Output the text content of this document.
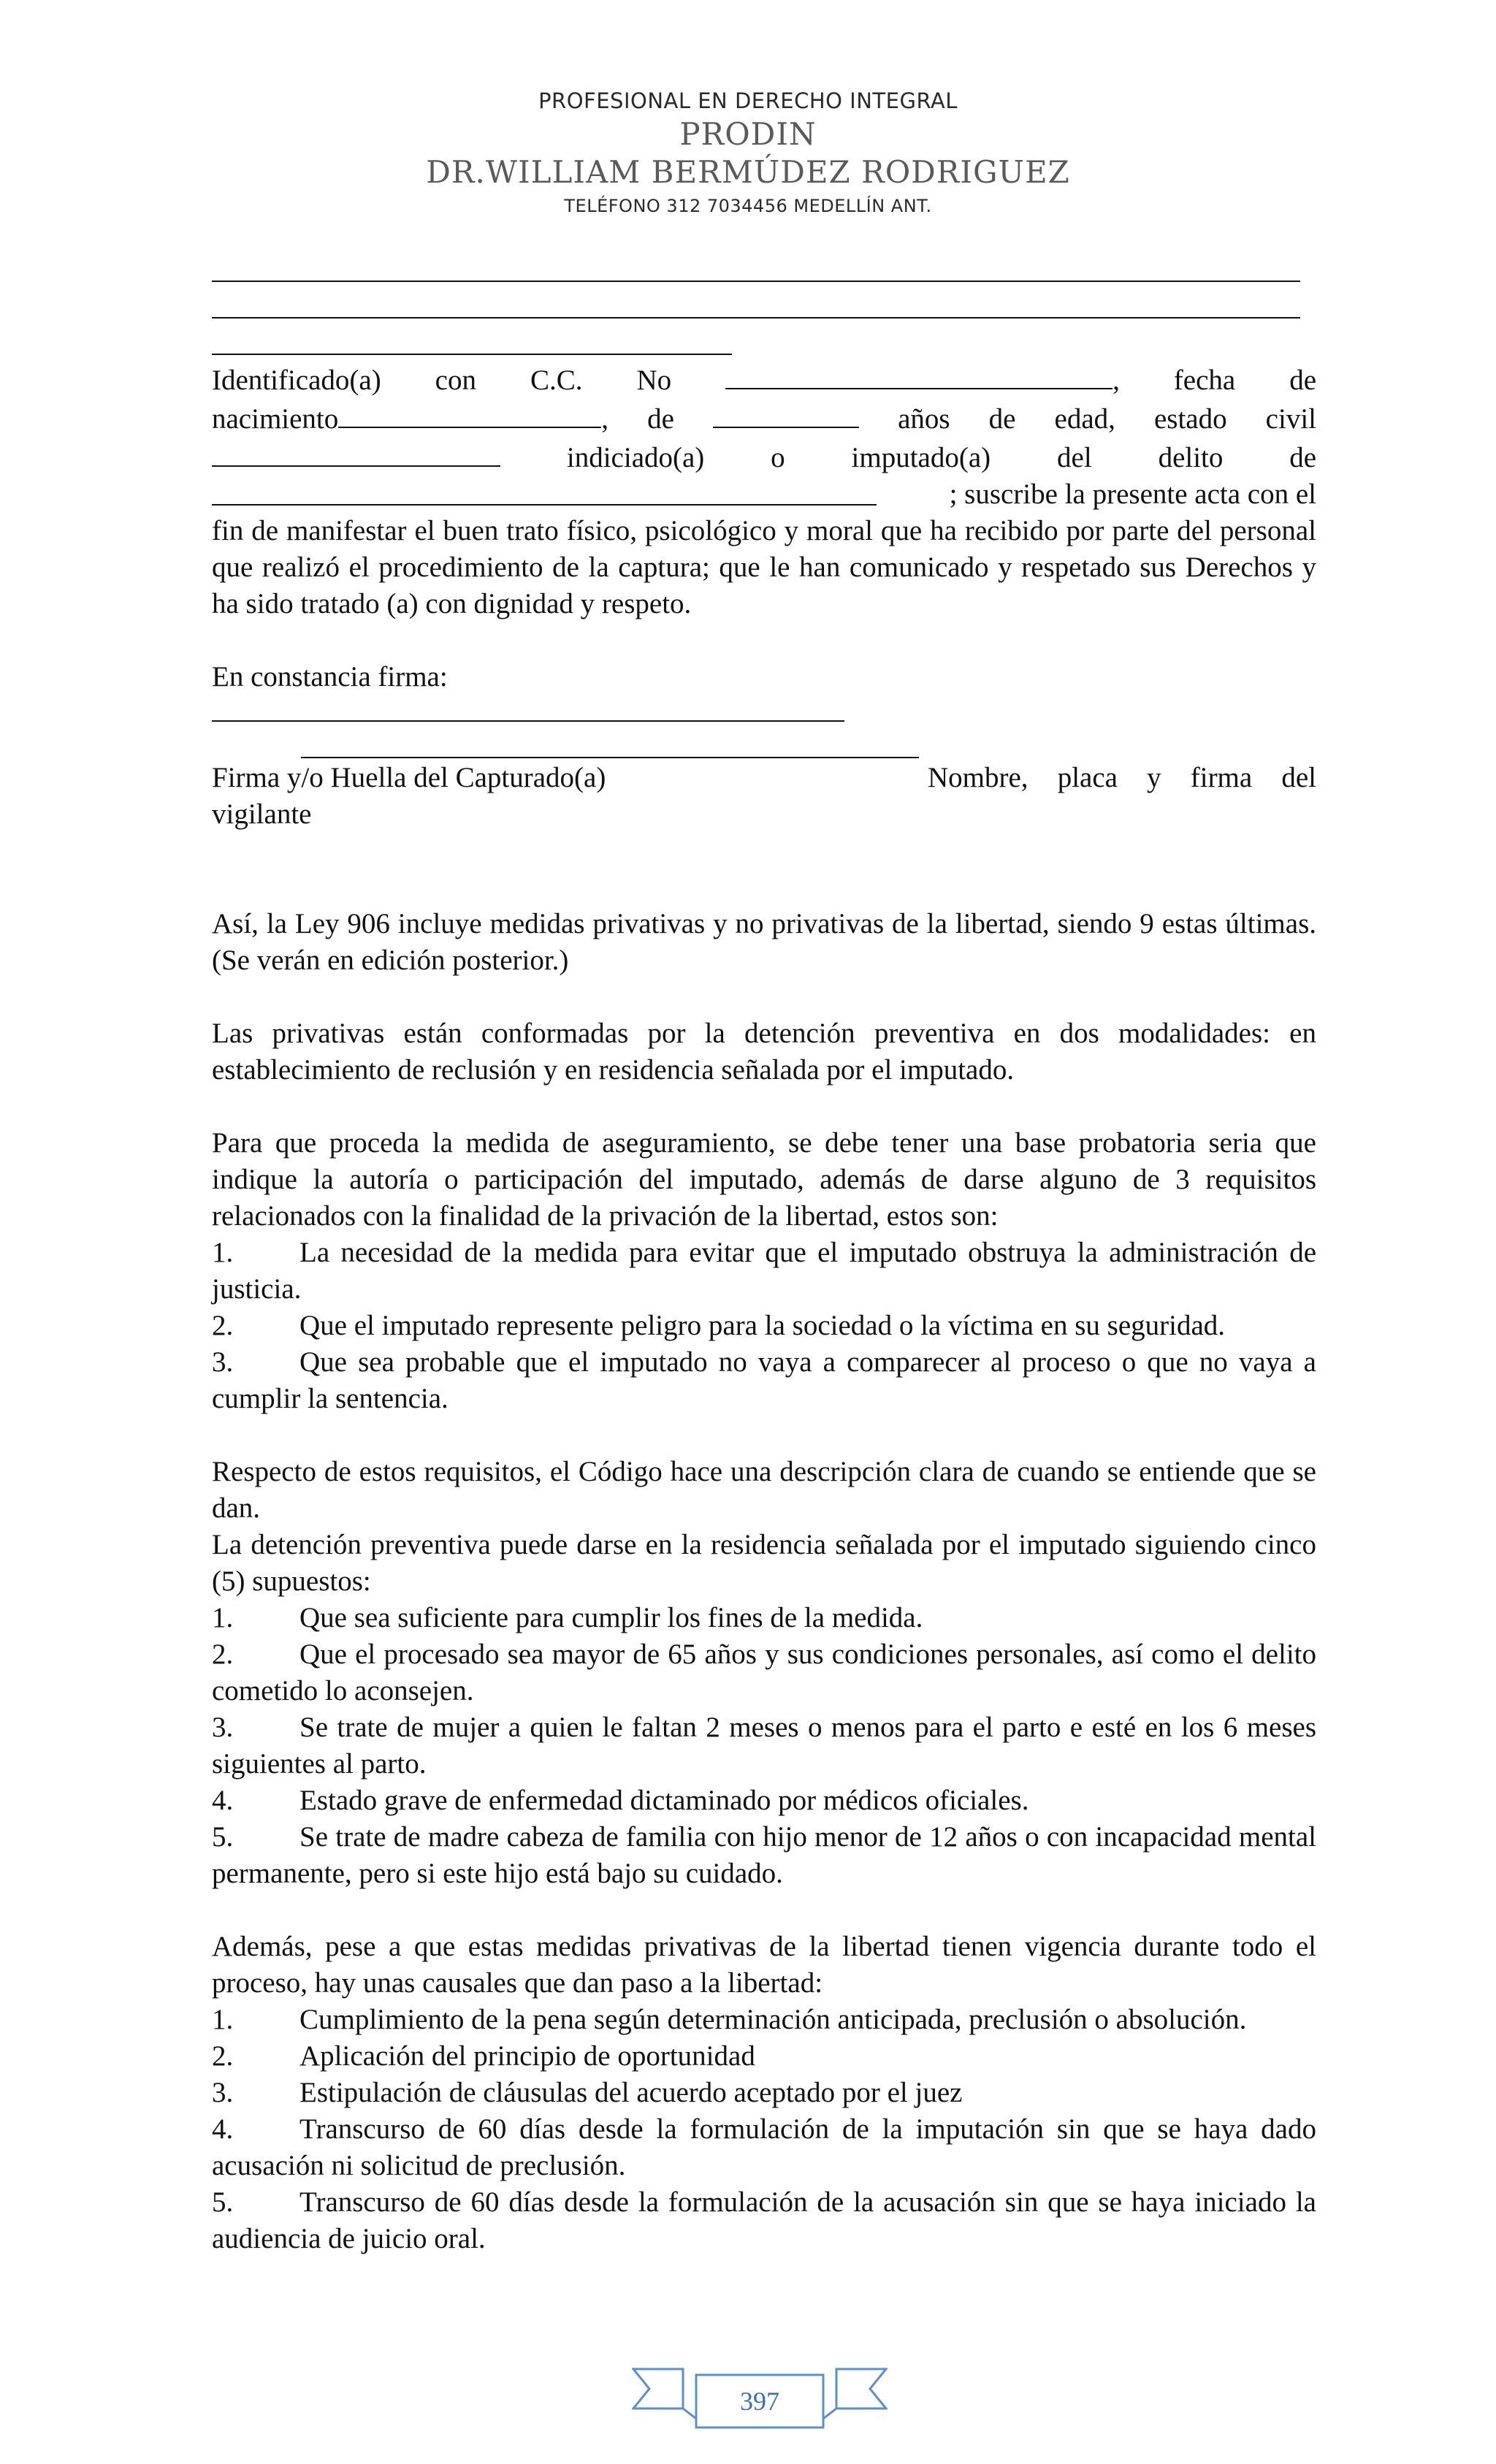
PROFESIONAL EN DERECHO INTEGRAL
PRODIN
DR.WILLIAM BERMÚDEZ RODRIGUEZ
TELÉFONO 312 7034456 MEDELLÍN ANT.
Identificado(a) con C.C. No	, fecha de
nacimiento	, de	años de edad, estado civil
indiciado(a) o imputado(a) del delito de
; suscribe la presente acta con el

fin de manifestar el buen trato físico, psicológico y moral que ha recibido por parte del personal que realizó el procedimiento de la captura; que le han comunicado y respetado sus Derechos y ha sido tratado (a) con dignidad y respeto.

En constancia firma:

Firma y/o Huella del Capturado(a)	Nombre, placa y firma del
vigilante

Así, la Ley 906 incluye medidas privativas y no privativas de la libertad, siendo 9 estas últimas. (Se verán en edición posterior.)

Las privativas están conformadas por la detención preventiva en dos modalidades: en establecimiento de reclusión y en residencia señalada por el imputado.

Para que proceda la medida de aseguramiento, se debe tener una base probatoria seria que indique la autoría o participación del imputado, además de darse alguno de 3 requisitos relacionados con la finalidad de la privación de la libertad, estos son:

1. La necesidad de la medida para evitar que el imputado obstruya la administración de justicia.
2. Que el imputado represente peligro para la sociedad o la víctima en su seguridad.
3. Que sea probable que el imputado no vaya a comparecer al proceso o que no vaya a cumplir la sentencia.

Respecto de estos requisitos, el Código hace una descripción clara de cuando se entiende que se dan.

La detención preventiva puede darse en la residencia señalada por el imputado siguiendo cinco (5) supuestos:

1. Que sea suficiente para cumplir los fines de la medida.
2. Que el procesado sea mayor de 65 años y sus condiciones personales, así como el delito cometido lo aconsejen.
3. Se trate de mujer a quien le faltan 2 meses o menos para el parto e esté en los 6 meses siguientes al parto.
4. Estado grave de enfermedad dictaminado por médicos oficiales.
5. Se trate de madre cabeza de familia con hijo menor de 12 años o con incapacidad mental permanente, pero si este hijo está bajo su cuidado.

Además, pese a que estas medidas privativas de la libertad tienen vigencia durante todo el proceso, hay unas causales que dan paso a la libertad:

1. Cumplimiento de la pena según determinación anticipada, preclusión o absolución.
2. Aplicación del principio de oportunidad
3. Estipulación de cláusulas del acuerdo aceptado por el juez
4. Transcurso de 60 días desde la formulación de la imputación sin que se haya dado acusación ni solicitud de preclusión.
5. Transcurso de 60 días desde la formulación de la acusación sin que se haya iniciado la audiencia de juicio oral.
397
